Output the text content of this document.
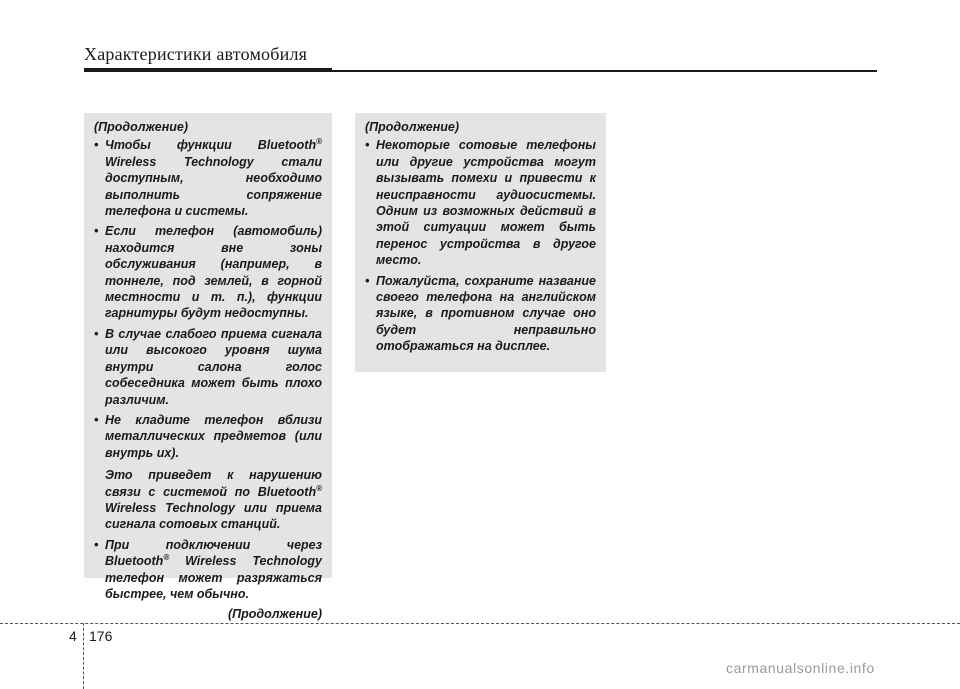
Характеристики автомобиля
(Продолжение)
• Чтобы функции Bluetooth® Wireless Technology стали доступным, необходимо выполнить сопряжение телефона и системы.
• Если телефон (автомобиль) находится вне зоны обслуживания (например, в тоннеле, под землей, в горной местности и т. п.), функции гарнитуры будут недоступны.
• В случае слабого приема сигнала или высокого уровня шума внутри салона голос собеседника может быть плохо различим.
• Не кладите телефон вблизи металлических предметов (или внутрь их).
Это приведет к нарушению связи с системой по Bluetooth® Wireless Technology или приема сигнала сотовых станций.
• При подключении через Bluetooth® Wireless Technology телефон может разряжаться быстрее, чем обычно.
(Продолжение)
(Продолжение)
• Некоторые сотовые телефоны или другие устройства могут вызывать помехи и привести к неисправности аудиосистемы. Одним из возможных действий в этой ситуации может быть перенос устройства в другое место.
• Пожалуйста, сохраните название своего телефона на английском языке, в противном случае оно будет неправильно отображаться на дисплее.
4 176
carmanualsonline.info
